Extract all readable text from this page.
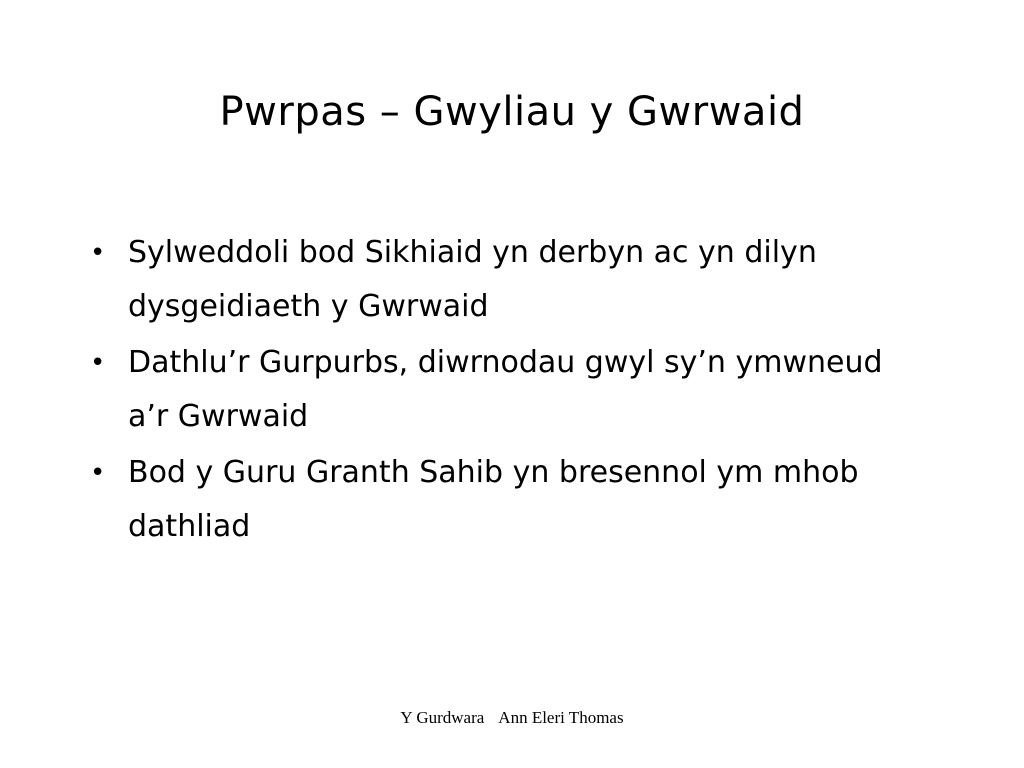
Pwrpas – Gwyliau y Gwrwaid
• Sylweddoli bod Sikhiaid yn derbyn ac yn dilyn dysgeidiaeth y Gwrwaid
• Dathlu’r Gurpurbs, diwrnodau gwyl sy’n ymwneud a’r Gwrwaid
• Bod y Guru Granth Sahib yn bresennol ym mhob dathliad
Y Gurdwara Ann Eleri Thomas
